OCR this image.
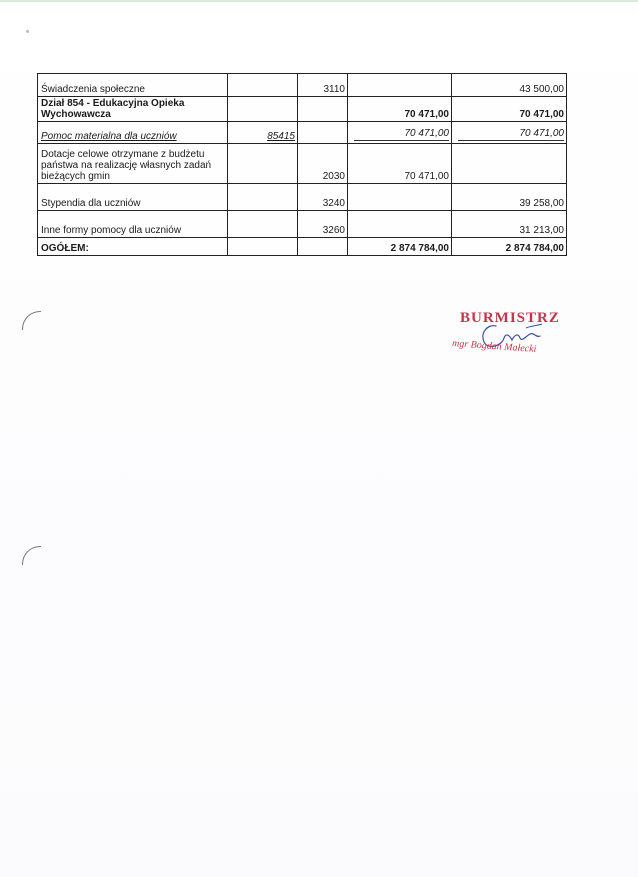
Świadczenia społeczne		3110		43 500,00
Dział 854 - Edukacyjna Opieka Wychowawcza			70 471,00	70 471,00
Pomoc materialna dla uczniów	85415		70 471,00	70 471,00

Dotacje celowe otrzymane z budżetu państwa na realizację własnych zadań bieżących gmin		2030	70 471,00	
Stypendia dla uczniów		3240		39 258,00
Inne formy pomocy dla uczniów		3260		31 213,00
OGÓŁEM:			2 874 784,00	2 874 784,00
BURMISTRZ
mgr Bogdan Małecki
